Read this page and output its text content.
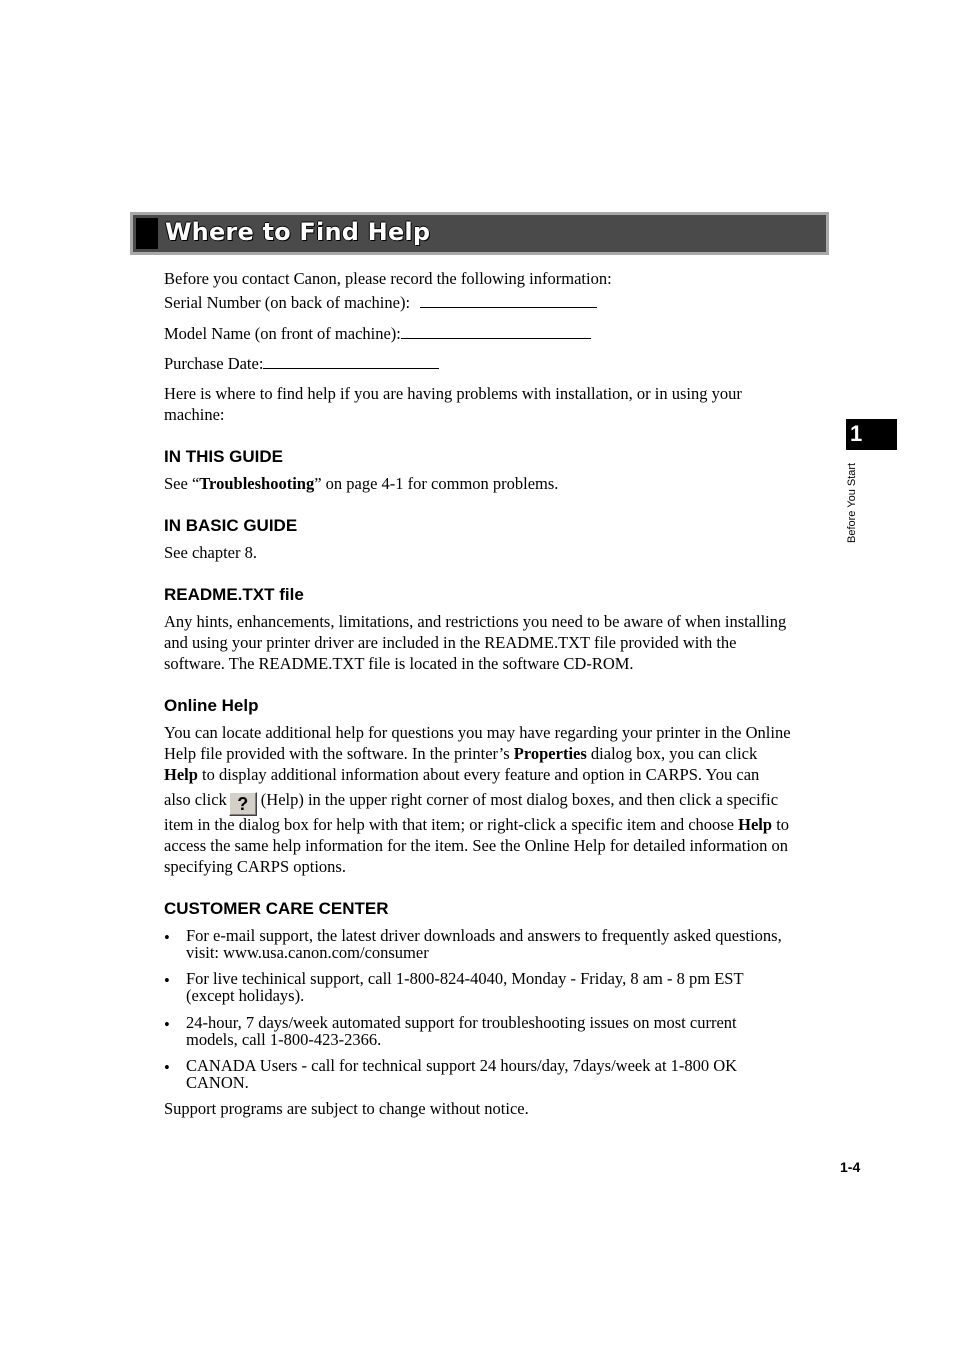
Where to Find Help
Before you contact Canon, please record the following information:
Serial Number (on back of machine):
Model Name (on front of machine):
Purchase Date:
Here is where to find help if you are having problems with installation, or in using your machine:
IN THIS GUIDE
See “Troubleshooting” on page 4-1 for common problems.
IN BASIC GUIDE
See chapter 8.
README.TXT file
Any hints, enhancements, limitations, and restrictions you need to be aware of when installing
and using your printer driver are included in the README.TXT file provided with the
software. The README.TXT file is located in the software CD-ROM.
Online Help
You can locate additional help for questions you may have regarding your printer in the Online
Help file provided with the software. In the printer’s Properties dialog box, you can click
Help to display additional information about every feature and option in CARPS. You can
also click ? (Help) in the upper right corner of most dialog boxes, and then click a specific
item in the dialog box for help with that item; or right-click a specific item and choose Help to
access the same help information for the item. See the Online Help for detailed information on
specifying CARPS options.
CUSTOMER CARE CENTER
• For e-mail support, the latest driver downloads and answers to frequently asked questions,
visit: www.usa.canon.com/consumer
• For live techinical support, call 1-800-824-4040, Monday - Friday, 8 am - 8 pm EST
(except holidays).
• 24-hour, 7 days/week automated support for troubleshooting issues on most current
models, call 1-800-423-2366.
• CANADA Users - call for technical support 24 hours/day, 7days/week at 1-800 OK
CANON.
Support programs are subject to change without notice.
1
Before You Start
1-4
